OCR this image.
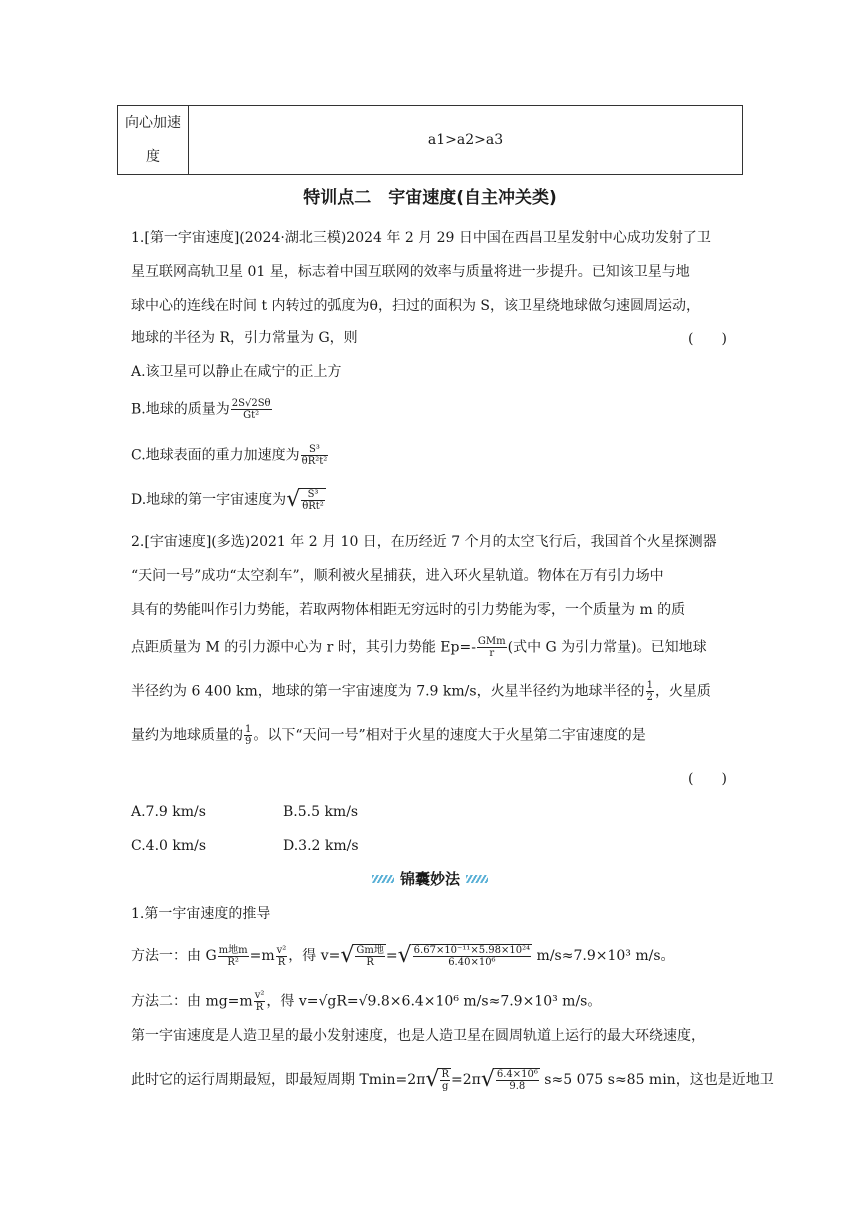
向心加速
度
	a1>a2>a3
特训点二　宇宙速度(自主冲关类)
1.[第一宇宙速度](2024·湖北三模)2024 年 2 月 29 日中国在西昌卫星发射中心成功发射了卫
星互联网高轨卫星 01 星，标志着中国互联网的效率与质量将进一步提升。已知该卫星与地
球中心的连线在时间 t 内转过的弧度为θ，扫过的面积为 S，该卫星绕地球做匀速圆周运动，
地球的半径为 R，引力常量为 G，则	(　　)
A.该卫星可以静止在咸宁的正上方
B.地球的质量为 $\frac{2S√2S\theta}{\text{Gt²}}$
C.地球表面的重力加速度为 $\frac{\text{S³}}{\text{θR²t²}}$
D.地球的第一宇宙速度为√ $\frac{\text{S³}}{\text{θRt²}}$
2.[宇宙速度](多选)2021 年 2 月 10 日，在历经近 7 个月的太空飞行后，我国首个火星探测器
“天问一号”成功“太空刹车”，顺利被火星捕获，进入环火星轨道。物体在万有引力场中
具有的势能叫作引力势能，若取两物体相距无穷远时的引力势能为零，一个质量为 m 的质
点距质量为 M 的引力源中心为 r 时，其引力势能 $Ep=- \frac{\text{GMm}}{r}$ (式中 G 为引力常量)。已知地球
半径约为 6 400 km，地球的第一宇宙速度为 7.9 km/s，火星半径约为地球半径的 $\frac{1}{2}$ ，火星质
量约为地球质量的 $\frac{1}{9}$ 。以下“天问一号”相对于火星的速度大于火星第二宇宙速度的是
(　　)
A.7.9 km/s	B.5.5 km/s
C.4.0 km/s	D.3.2 km/s
锦囊妙法
1.第一宇宙速度的推导
方法一：由 G $\frac{\text{m地m}}{\text{R²}} =m \frac{\text{v²}}{R}$ ，得 $v=√ \frac{\text{Gm地}}{R}$ =√ $\frac{\text{6.67×10⁻¹¹×5.98×10²⁴}}{\text{6.40×10⁶}} m/s\approx 7.9\times 10^3$ m/s。
方法二：由 $mg=m \frac{\text{v²}}{R}$ ，得 v=√gR=√9.8×6.4×10⁶ m/s≈7.9×10³ m/s。
第一宇宙速度是人造卫星的最小发射速度，也是人造卫星在圆周轨道上运行的最大环绕速度，
此时它的运行周期最短，即最短周期 $Tmin=2\pi√ \frac{R}{g} =2\pi√ \frac{\text{6.4×10⁶}}{9.8} s\approx 5$ 075 s≈85 min，这也是近地卫
